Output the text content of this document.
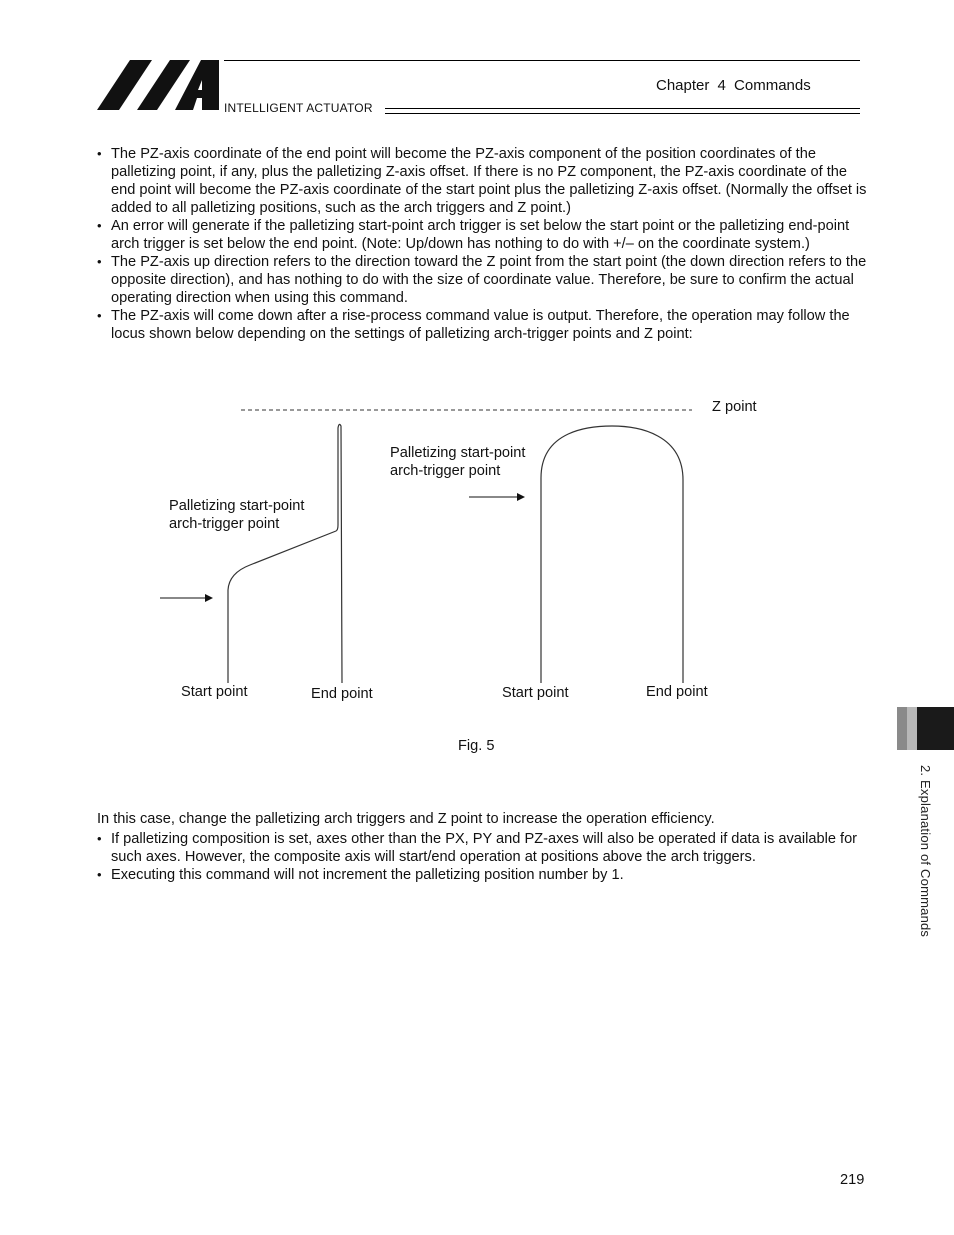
INTELLIGENT ACTUATOR
Chapter 4 Commands
• The PZ-axis coordinate of the end point will become the PZ-axis component of the position coordinates of the palletizing point, if any, plus the palletizing Z-axis offset. If there is no PZ component, the PZ-axis coordinate of the end point will become the PZ-axis coordinate of the start point plus the palletizing Z-axis offset. (Normally the offset is added to all palletizing positions, such as the arch triggers and Z point.)
• An error will generate if the palletizing start-point arch trigger is set below the start point or the palletizing end-point arch trigger is set below the end point. (Note: Up/down has nothing to do with +/– on the coordinate system.)
• The PZ-axis up direction refers to the direction toward the Z point from the start point (the down direction refers to the opposite direction), and has nothing to do with the size of coordinate value. Therefore, be sure to confirm the actual operating direction when using this command.
• The PZ-axis will come down after a rise-process command value is output. Therefore, the operation may follow the locus shown below depending on the settings of palletizing arch-trigger points and Z point:
Z point
Palletizing start-point
arch-trigger point
Palletizing start-point
arch-trigger point
Start point	End point	Start point	End point
Fig. 5
In this case, change the palletizing arch triggers and Z point to increase the operation efficiency.
• If palletizing composition is set, axes other than the PX, PY and PZ-axes will also be operated if data is available for such axes. However, the composite axis will start/end operation at positions above the arch triggers.
• Executing this command will not increment the palletizing position number by 1.	2. Explanation of Commands
219
